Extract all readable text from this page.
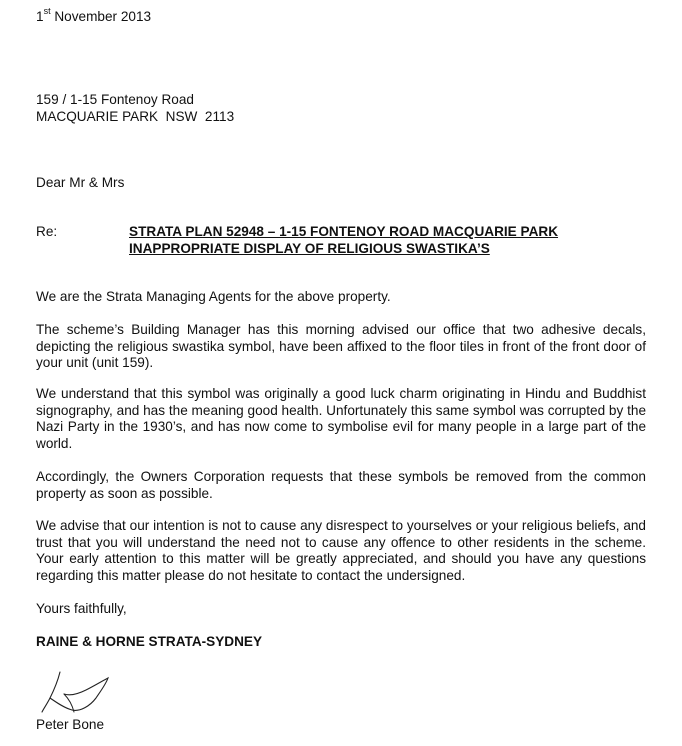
1st November 2013
159 / 1-15 Fontenoy Road
MACQUARIE PARK  NSW  2113
Dear Mr & Mrs
Re:	STRATA PLAN 52948 – 1-15 FONTENOY ROAD MACQUARIE PARK
INAPPROPRIATE DISPLAY OF RELIGIOUS SWASTIKA’S
We are the Strata Managing Agents for the above property.
The scheme’s Building Manager has this morning advised our office that two adhesive decals, depicting the religious swastika symbol, have been affixed to the floor tiles in front of the front door of your unit (unit 159).
We understand that this symbol was originally a good luck charm originating in Hindu and Buddhist signography, and has the meaning good health. Unfortunately this same symbol was corrupted by the Nazi Party in the 1930’s, and has now come to symbolise evil for many people in a large part of the world.
Accordingly, the Owners Corporation requests that these symbols be removed from the common property as soon as possible.
We advise that our intention is not to cause any disrespect to yourselves or your religious beliefs, and trust that you will understand the need not to cause any offence to other residents in the scheme. Your early attention to this matter will be greatly appreciated, and should you have any questions regarding this matter please do not hesitate to contact the undersigned.
Yours faithfully,
RAINE & HORNE STRATA-SYDNEY
Peter Bone
